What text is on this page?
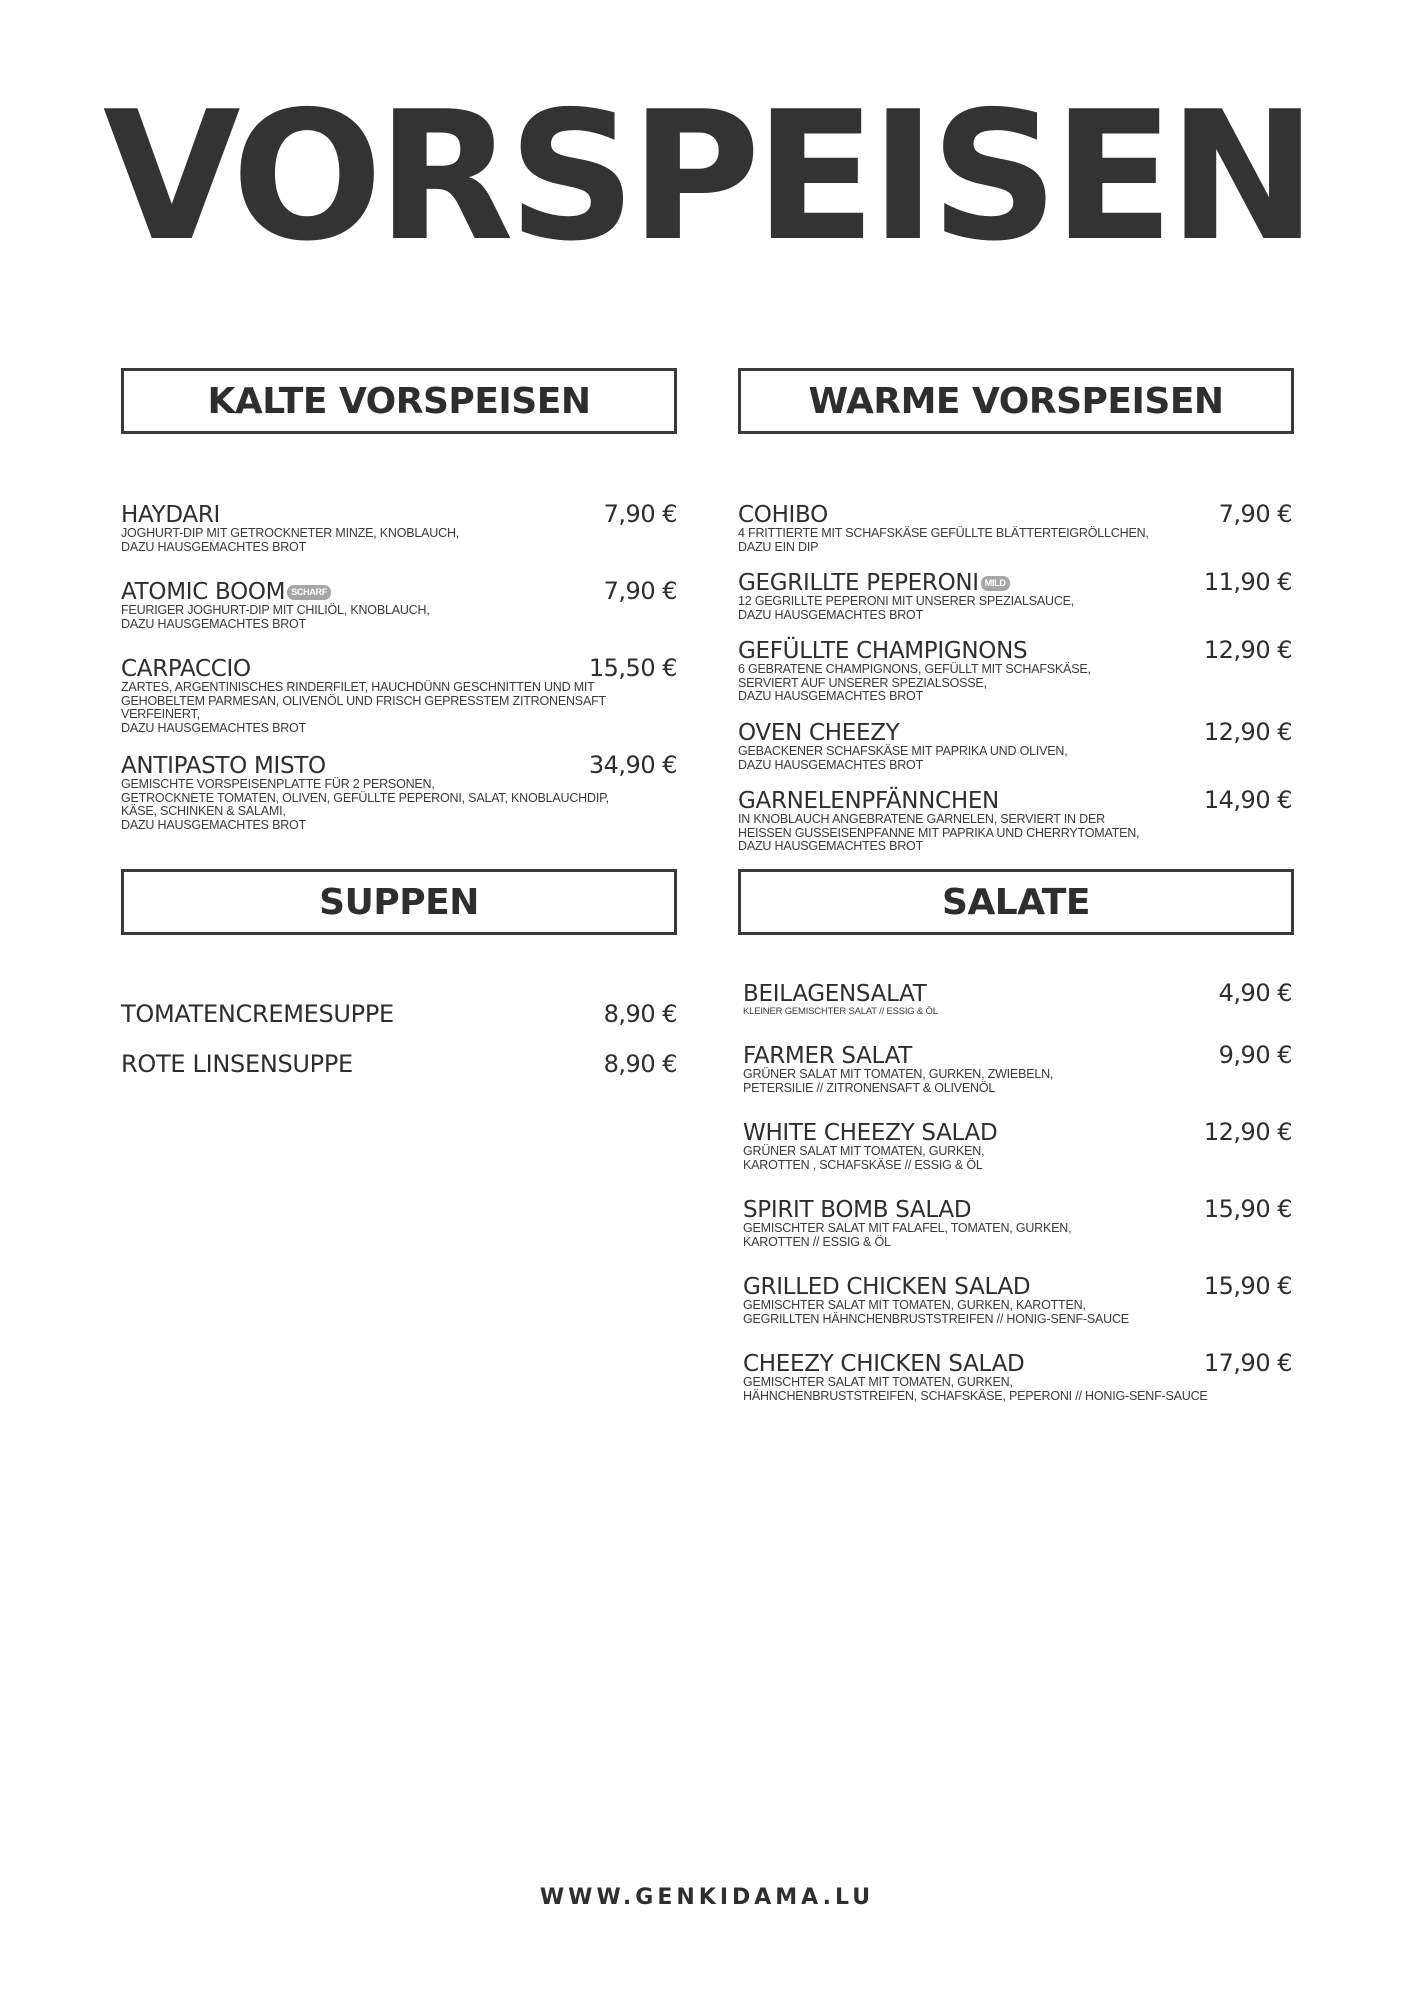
VORSPEISEN
KALTE VORSPEISEN	WARME VORSPEISEN
SUPPEN	SALATE
HAYDARI	7,90 €
JOGHURT-DIP MIT GETROCKNETER MINZE, KNOBLAUCH,
DAZU HAUSGEMACHTES BROT
ATOMIC BOOM SCHARF	7,90 €
FEURIGER JOGHURT-DIP MIT CHILIÖL, KNOBLAUCH,
DAZU HAUSGEMACHTES BROT
CARPACCIO	15,50 €
ZARTES, ARGENTINISCHES RINDERFILET, HAUCHDÜNN GESCHNITTEN UND MIT
GEHOBELTEM PARMESAN, OLIVENÖL UND FRISCH GEPRESSTEM ZITRONENSAFT
VERFEINERT,
DAZU HAUSGEMACHTES BROT
ANTIPASTO MISTO	34,90 €
GEMISCHTE VORSPEISENPLATTE FÜR 2 PERSONEN,
GETROCKNETE TOMATEN, OLIVEN, GEFÜLLTE PEPERONI, SALAT, KNOBLAUCHDIP,
KÄSE, SCHINKEN & SALAMI,
DAZU HAUSGEMACHTES BROT
COHIBO	7,90 €
4 FRITTIERTE MIT SCHAFSKÄSE GEFÜLLTE BLÄTTERTEIGRÖLLCHEN,
DAZU EIN DIP
GEGRILLTE PEPERONI MILD	11,90 €
12 GEGRILLTE PEPERONI MIT UNSERER SPEZIALSAUCE,
DAZU HAUSGEMACHTES BROT
GEFÜLLTE CHAMPIGNONS	12,90 €
6 GEBRATENE CHAMPIGNONS, GEFÜLLT MIT SCHAFSKÄSE,
SERVIERT AUF UNSERER SPEZIALSOSSE,
DAZU HAUSGEMACHTES BROT
OVEN CHEEZY	12,90 €
GEBACKENER SCHAFSKÄSE MIT PAPRIKA UND OLIVEN,
DAZU HAUSGEMACHTES BROT
GARNELENPFÄNNCHEN	14,90 €
IN KNOBLAUCH ANGEBRATENE GARNELEN, SERVIERT IN DER
HEISSEN GUSSEISENPFANNE MIT PAPRIKA UND CHERRYTOMATEN,
DAZU HAUSGEMACHTES BROT
TOMATENCREMESUPPE	8,90 €
ROTE LINSENSUPPE	8,90 €
BEILAGENSALAT	4,90 €
KLEINER GEMISCHTER SALAT // ESSIG & ÖL
FARMER SALAT	9,90 €
GRÜNER SALAT MIT TOMATEN, GURKEN, ZWIEBELN,
PETERSILIE // ZITRONENSAFT & OLIVENÖL
WHITE CHEEZY SALAD	12,90 €
GRÜNER SALAT MIT TOMATEN, GURKEN,
KAROTTEN , SCHAFSKÄSE // ESSIG & ÖL
SPIRIT BOMB SALAD	15,90 €
GEMISCHTER SALAT MIT FALAFEL, TOMATEN, GURKEN,
KAROTTEN // ESSIG & ÖL
GRILLED CHICKEN SALAD	15,90 €
GEMISCHTER SALAT MIT TOMATEN, GURKEN, KAROTTEN,
GEGRILLTEN HÄHNCHENBRUSTSTREIFEN // HONIG-SENF-SAUCE
CHEEZY CHICKEN SALAD	17,90 €
GEMISCHTER SALAT MIT TOMATEN, GURKEN,
HÄHNCHENBRUSTSTREIFEN, SCHAFSKÄSE, PEPERONI // HONIG-SENF-SAUCE
WWW.GENKIDAMA.LU
